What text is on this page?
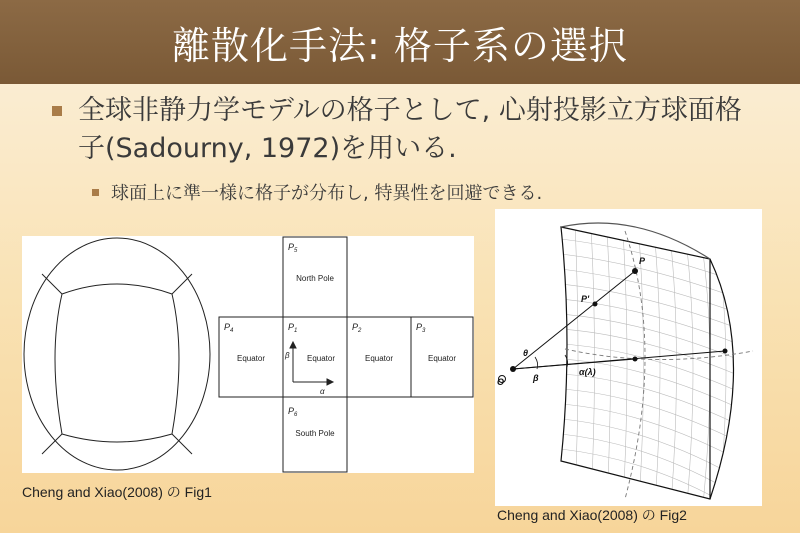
離散化手法: 格子系の選択
全球非静力学モデルの格子として, 心射投影立方球面格子(Sadourny, 1972)を用いる.
球面上に準一様に格子が分布し, 特異性を回避できる.
$P_5$
$P_4$	$P_1$	$P_2$	$P_3$
$P_6$
North Pole
Equator	Equator	Equator	Equator
South Pole
α
β
Cheng and Xiao(2008) の Fig1
P
P'
O
θ
β
α(λ)
Cheng and Xiao(2008) の Fig2
